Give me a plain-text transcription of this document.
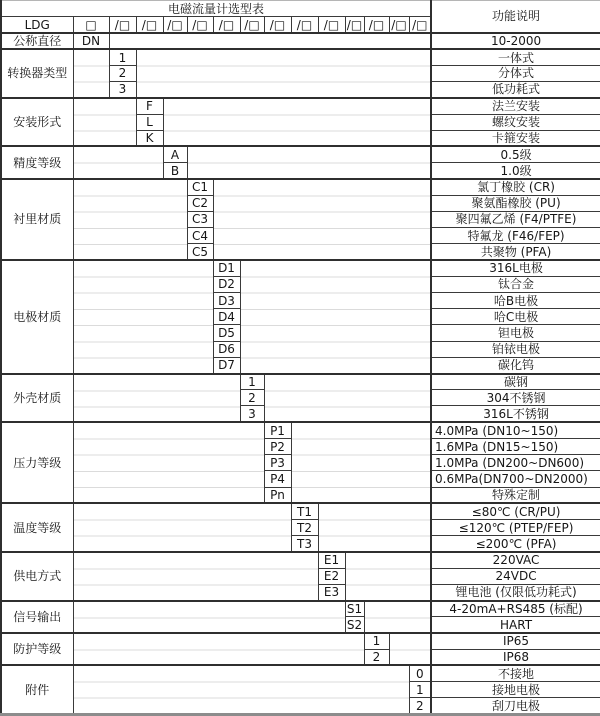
电磁流量计选型表															功能说明
LDG	□	/□	/□	/□	/□	/□	/□	/□	/□	/□	/□	/□	/□	/□	
公称直径	DN														10-2000
转换器类型		1													一体式
		2													分体式
		3													低功耗式
安装形式			F												法兰安装
			L												螺纹安装
			K												卡箍安装
精度等级				A											0.5级
				B											1.0级
衬里材质					C1										氯丁橡胶 (CR)
					C2										聚氨酯橡胶 (PU)
					C3										聚四氟乙烯 (F4/PTFE)
					C4										特氟龙 (F46/FEP)
					C5										共聚物 (PFA)
电极材质						D1									316L电极
						D2									钛合金
						D3									哈B电极
						D4									哈C电极
						D5									钽电极
						D6									铂铱电极
						D7									碳化钨
外壳材质							1								碳钢
							2								304不锈钢
							3								316L不锈钢
压力等级								P1							4.0MPa (DN10~150)
								P2							1.6MPa (DN15~150)
								P3							1.0MPa (DN200~DN600)
								P4							0.6MPa(DN700~DN2000)
								Pn							特殊定制
温度等级									T1						≤80℃ (CR/PU)
									T2						≤120℃ (PTEP/FEP)
									T3						≤200℃ (PFA)
供电方式										E1					220VAC
										E2					24VDC
										E3					锂电池 (仅限低功耗式)
信号输出											S1				4-20mA+RS485 (标配)
											S2				HART
防护等级												1			IP65
												2			IP68
附件														0	不接地
														1	接地电极
														2	刮刀电极
